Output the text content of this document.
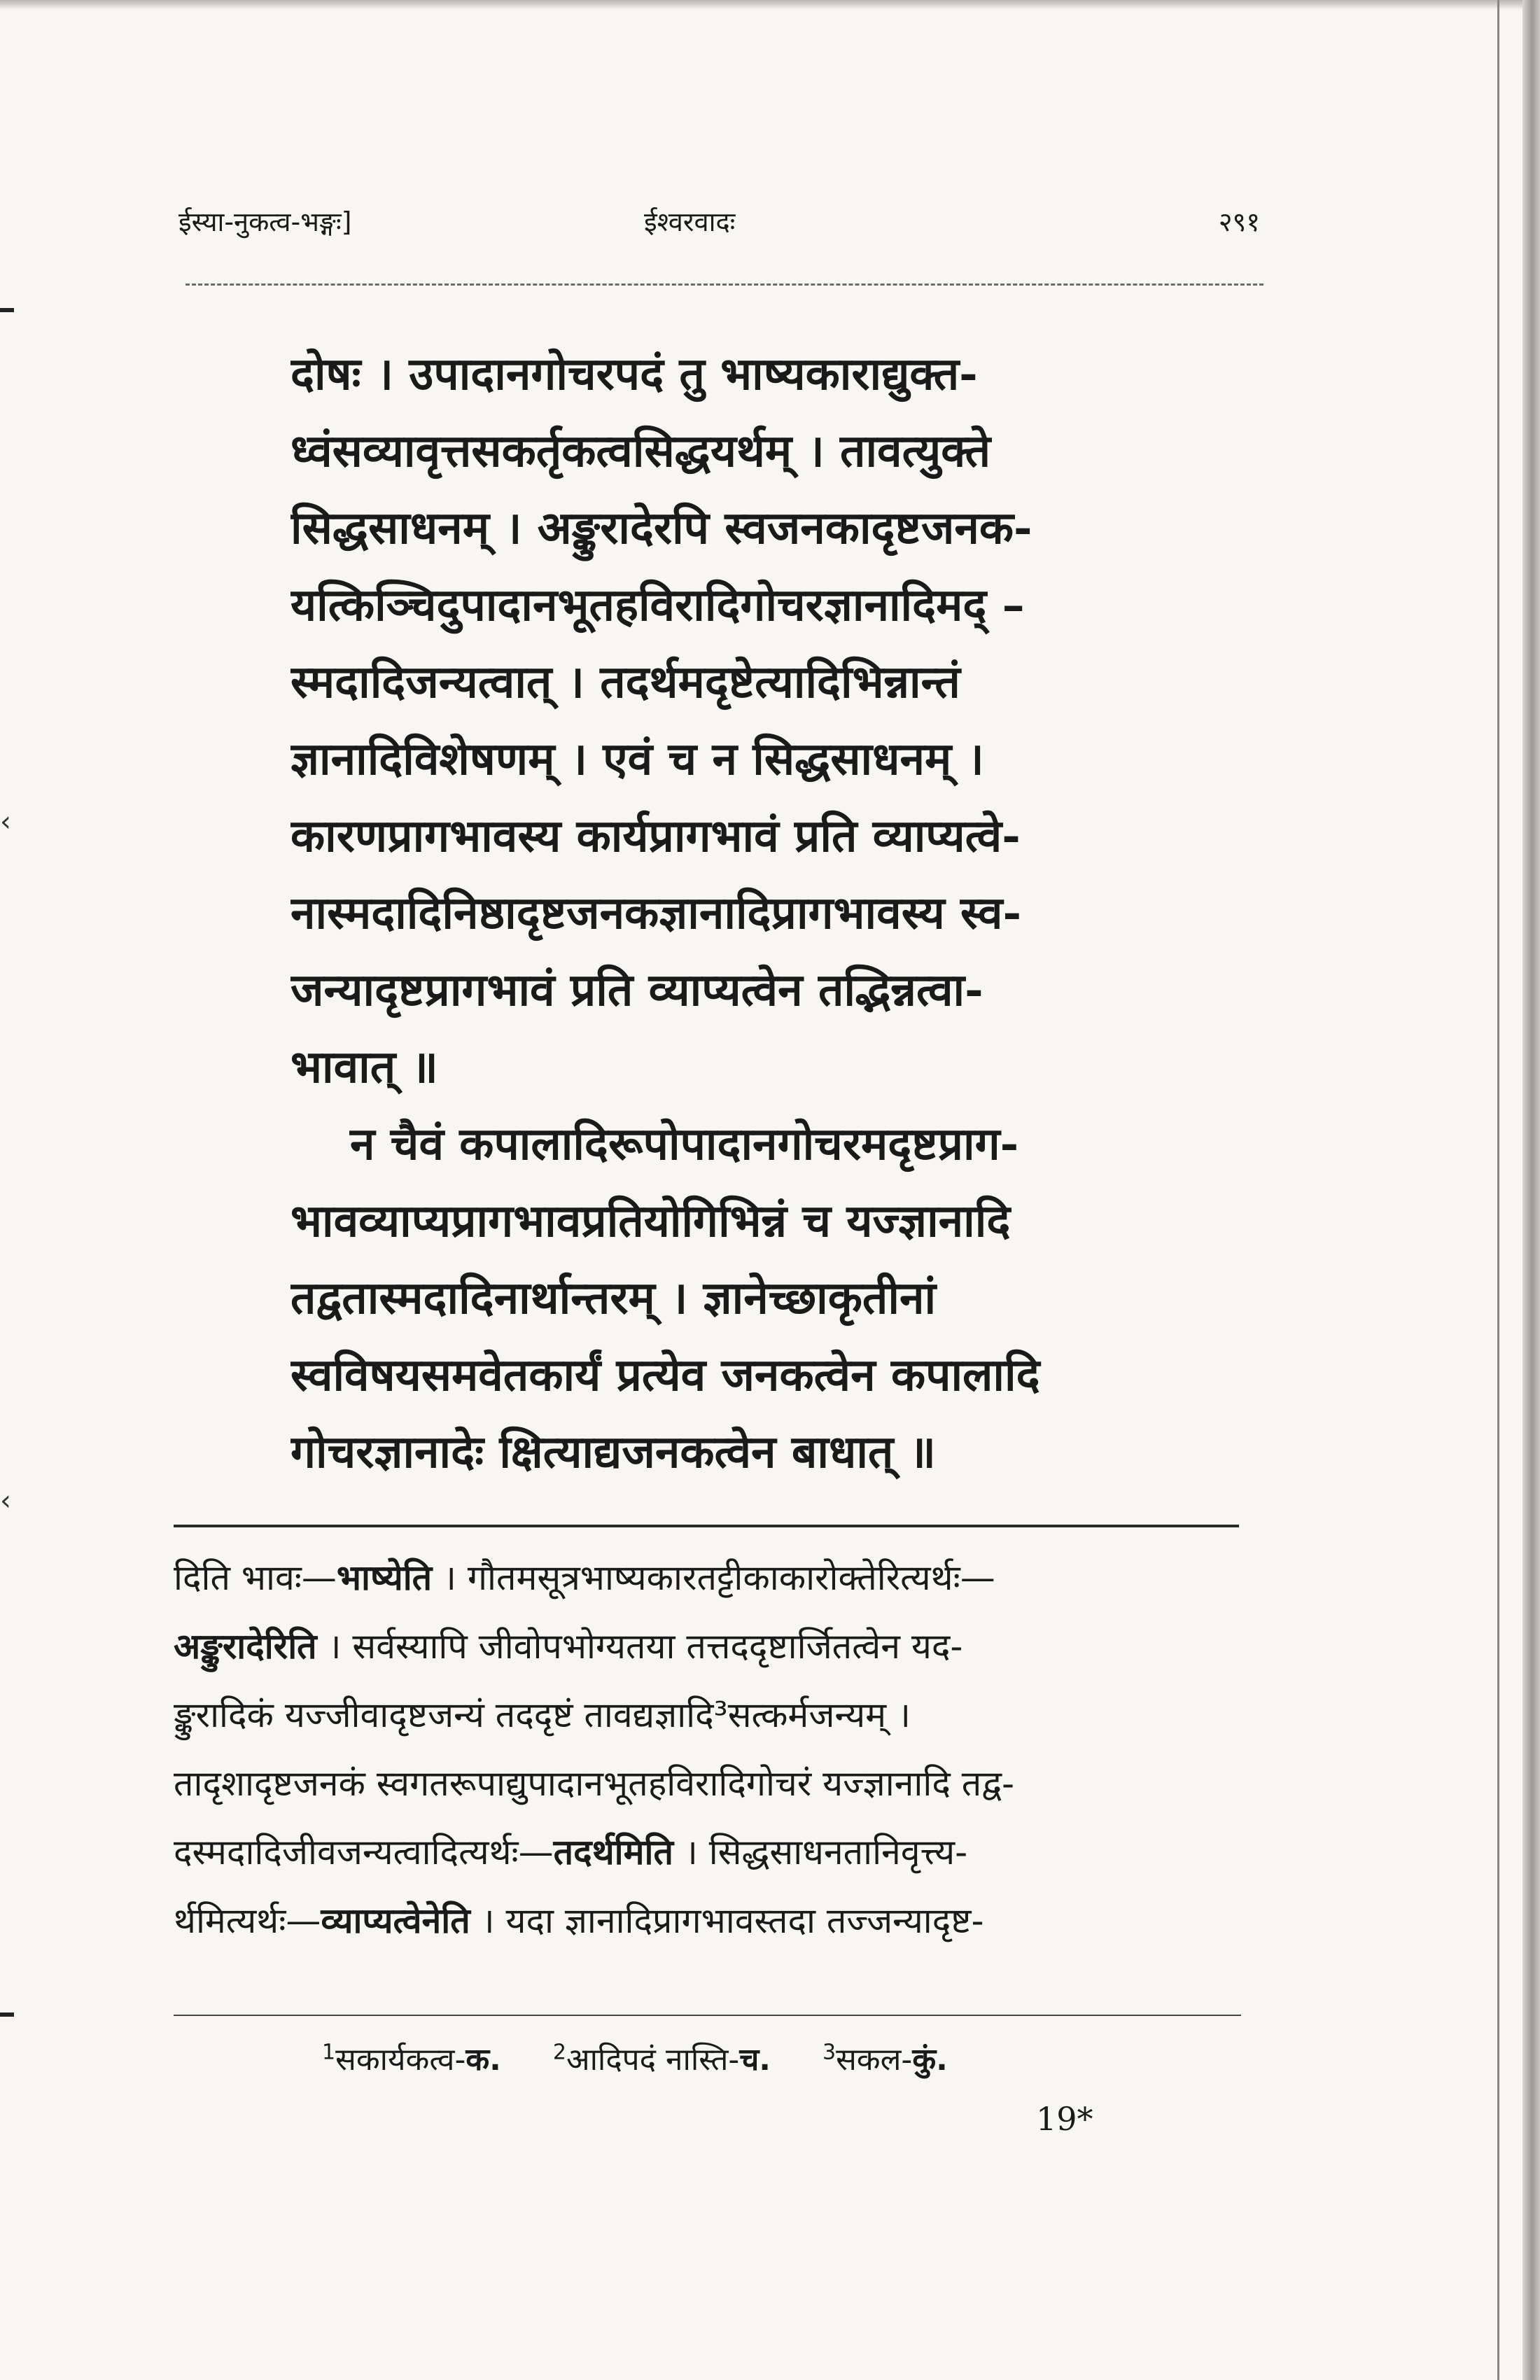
‹
‹
ईस्या-नुकत्व-भङ्गः]	ईश्वरवादः	२९१
दोषः । उपादानगोचरपदं तु भाष्यकाराद्युक्त-
ध्वंसव्यावृत्तसकर्तृकत्वसिद्धयर्थम् । तावत्युक्ते
सिद्धसाधनम् । अङ्कुरादेरपि स्वजनकादृष्टजनक-
यत्किञ्चिदुपादानभूतहविरादिगोचरज्ञानादिमद् –
स्मदादिजन्यत्वात् । तदर्थमदृष्टेत्यादिभिन्नान्तं
ज्ञानादिविशेषणम् । एवं च न सिद्धसाधनम् ।
कारणप्रागभावस्य कार्यप्रागभावं प्रति व्याप्यत्वे-
नास्मदादिनिष्ठादृष्टजनकज्ञानादिप्रागभावस्य स्व-
जन्यादृष्टप्रागभावं प्रति व्याप्यत्वेन तद्भिन्नत्वा-
भावात् ॥
न चैवं कपालादिरूपोपादानगोचरमदृष्टप्राग-
भावव्याप्यप्रागभावप्रतियोगिभिन्नं च यज्ज्ञानादि
तद्वतास्मदादिनार्थान्तरम् । ज्ञानेच्छाकृतीनां
स्वविषयसमवेतकार्यं प्रत्येव जनकत्वेन कपालादि
गोचरज्ञानादेः क्षित्याद्यजनकत्वेन बाधात् ॥
दिति भावः—भाष्येति । गौतमसूत्रभाष्यकारतट्टीकाकारोक्तेरित्यर्थः—
अङ्कुरादेरिति । सर्वस्यापि जीवोपभोग्यतया तत्तददृष्टार्जितत्वेन यद-
ङ्कुरादिकं यज्जीवादृष्टजन्यं तददृष्टं तावद्यज्ञादि³सत्कर्मजन्यम् ।
तादृशादृष्टजनकं स्वगतरूपाद्युपादानभूतहविरादिगोचरं यज्ज्ञानादि तद्व-
दस्मदादिजीवजन्यत्वादित्यर्थः—तदर्थमिति । सिद्धसाधनतानिवृत्त्य-
र्थमित्यर्थः—व्याप्यत्वेनेति । यदा ज्ञानादिप्रागभावस्तदा तज्जन्यादृष्ट-
$^1$सकार्यकत्व-क. $^2$आदिपदं नास्ति-च. $^3$सकल-कुं.
19*
